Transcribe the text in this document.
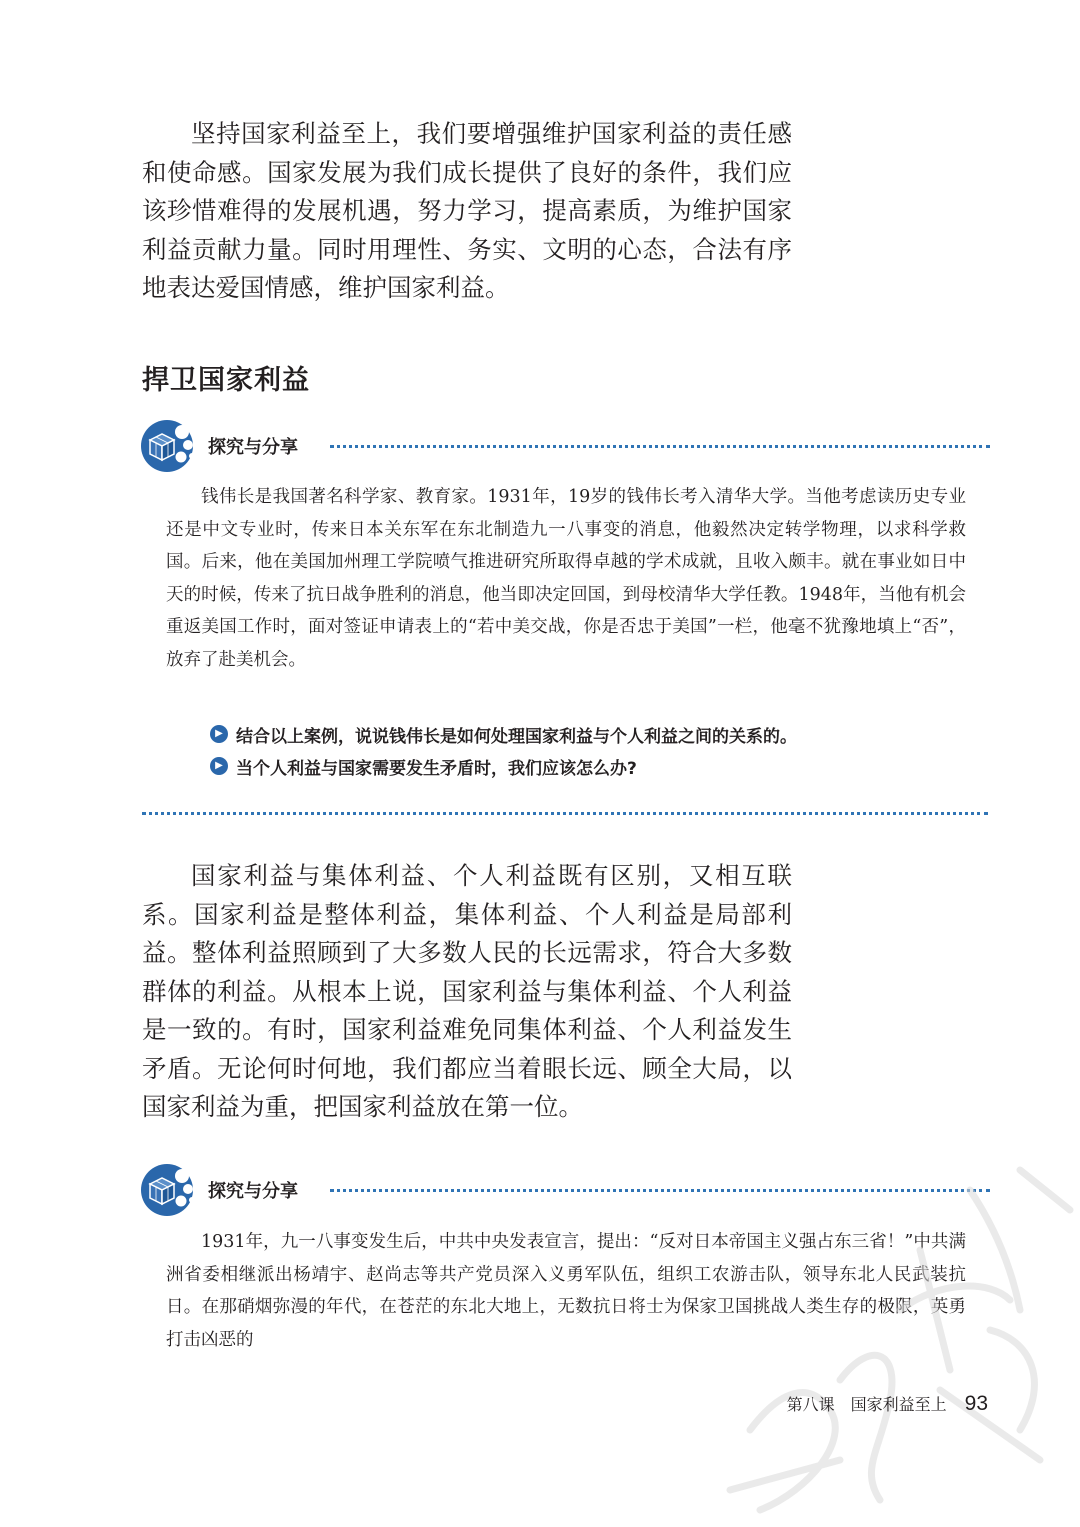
坚持国家利益至上，我们要增强维护国家利益的责任感和使命感。国家发展为我们成长提供了良好的条件，我们应该珍惜难得的发展机遇，努力学习，提高素质，为维护国家利益贡献力量。同时用理性、务实、文明的心态，合法有序地表达爱国情感，维护国家利益。

捍卫国家利益
探究与分享

钱伟长是我国著名科学家、教育家。1931年，19岁的钱伟长考入清华大学。当他考虑读历史专业还是中文专业时，传来日本关东军在东北制造九一八事变的消息，他毅然决定转学物理，以求科学救国。后来，他在美国加州理工学院喷气推进研究所取得卓越的学术成就，且收入颇丰。就在事业如日中天的时候，传来了抗日战争胜利的消息，他当即决定回国，到母校清华大学任教。1948年，当他有机会重返美国工作时，面对签证申请表上的“若中美交战，你是否忠于美国”一栏，他毫不犹豫地填上“否”，放弃了赴美机会。

▶ 结合以上案例，说说钱伟长是如何处理国家利益与个人利益之间的关系的。
▶ 当个人利益与国家需要发生矛盾时，我们应该怎么办?

国家利益与集体利益、个人利益既有区别，又相互联系。国家利益是整体利益，集体利益、个人利益是局部利益。整体利益照顾到了大多数人民的长远需求，符合大多数群体的利益。从根本上说，国家利益与集体利益、个人利益是一致的。有时，国家利益难免同集体利益、个人利益发生矛盾。无论何时何地，我们都应当着眼长远、顾全大局，以国家利益为重，把国家利益放在第一位。

探究与分享

1931年，九一八事变发生后，中共中央发表宣言，提出：“反对日本帝国主义强占东三省！”中共满洲省委相继派出杨靖宇、赵尚志等共产党员深入义勇军队伍，组织工农游击队，领导东北人民武装抗日。在那硝烟弥漫的年代，在苍茫的东北大地上，无数抗日将士为保家卫国挑战人类生存的极限，英勇打击凶恶的

第八课　国家利益至上 93
